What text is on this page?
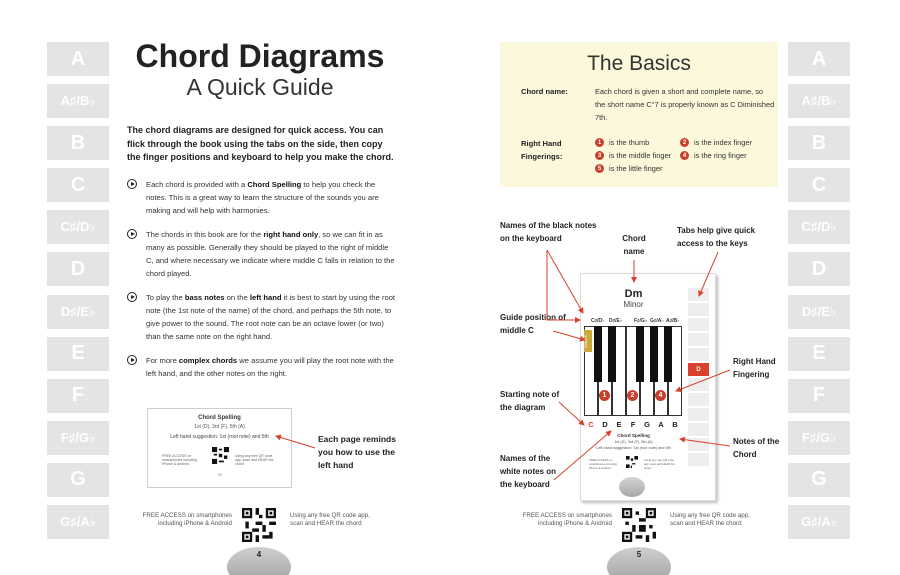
A
A♯/B♭
B
C
C♯/D♭
D
D♯/E♭
E
F
F♯/G♭
G
G♯/A♭
A
A♯/B♭
B
C
C♯/D♭
D
D♯/E♭
E
F
F♯/G♭
G
G♯/A♭
Chord Diagrams
A Quick Guide
The chord diagrams are designed for quick access. You can flick through the book using the tabs on the side, then copy the finger positions and keyboard to help you make the chord.
Each chord is provided with a Chord Spelling to help you check the notes. This is a great way to learn the structure of the sounds you are making and will help with harmonies.
The chords in this book are for the right hand only, so we can fit in as many as possible. Generally they should be played to the right of middle C, and where necessary we indicate where middle C falls in relation to the chord played.
To play the bass notes on the left hand it is best to start by using the root note (the 1st note of the name) of the chord, and perhaps the 5th note, to give power to the sound. The root note can be an octave lower (or two) than the same note on the right hand.
For more complex chords we assume you will play the root note with the left hand, and the other notes on the right.
Chord Spelling
1st (D), 3rd (F), 5th (A)
Left hand suggestion: 1st (root note) and 5th
FREE ACCESS on smartphones including iPhone & Android
Using any free QR code app, scan and HEAR the chord
76
Each page reminds you how to use the left hand
FREE ACCESS on smartphones including iPhone & Android
Using any free QR code app, scan and HEAR the chord
4
The Basics
Chord name:	Each chord is given a short and complete name, so the short name C°7 is properly known as C Diminished 7th.
Right Hand
Fingerings:
1	is the thumb	2	is the index finger
3	is the middle finger	4	is the ring finger
5	is the little finger
Dm
Minor
D
C♯/D♭ D♯/E♭ F♯/G♭ G♯/A♭ A♯/B♭
Middle C
1	2	4
C	D	E	F	G	A	B
Chord Spelling
1st (D), 3rd (F), 5th (A)
Left hand suggestion: 1st (root note) and 5th
FREE ACCESS on smartphones including iPhone & Android
Using any free QR code app, scan and HEAR the chord
Names of the black notes on the keyboard	Chord name
Tabs help give quick access to the keys
Guide position of middle C
Right Hand Fingering
Starting note of the diagram
Notes of the Chord
Names of the white notes on the keyboard
FREE ACCESS on smartphones including iPhone & Android
Using any free QR code app, scan and HEAR the chord
5
